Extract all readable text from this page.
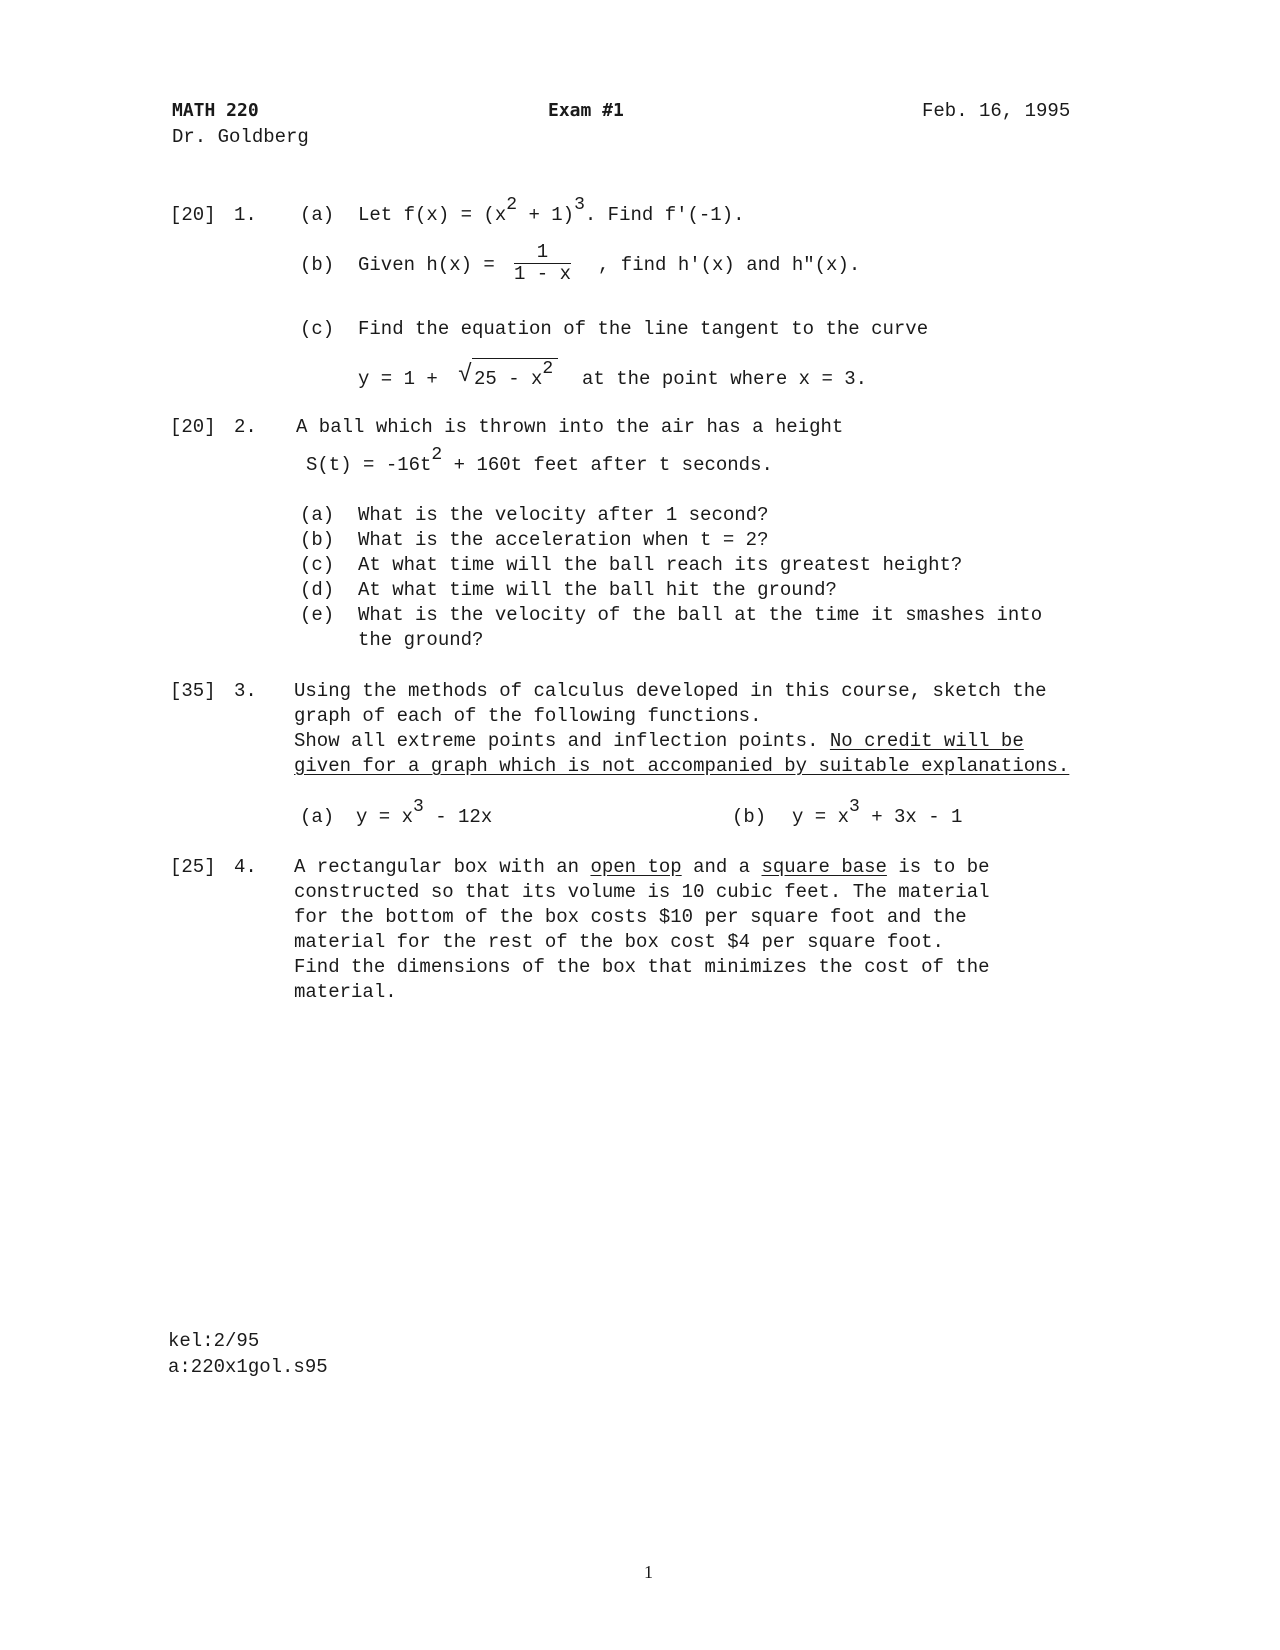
MATH 220
Dr. Goldberg
Exam #1	Feb. 16, 1995
[20] 1. (a) Let $f(x) = (x^2 + 1)^3$. Find f′(-1).
(b) Given $h(x) = \frac{1}{1 - x}$ , find h′(x) and h″(x).
(c) Find the equation of the line tangent to the curve
y = 1 + √ $25 - x^2$ at the point where x = 3.
[20] 2. A ball which is thrown into the air has a height
$S(t) = -16t^2 + 160t$ feet after t seconds.
(a) What is the velocity after 1 second?
(b) What is the acceleration when t = 2?
(c) At what time will the ball reach its greatest height?
(d) At what time will the ball hit the ground?
(e) What is the velocity of the ball at the time it smashes into
the ground?
[35] 3. Using the methods of calculus developed in this course, sketch the
graph of each of the following functions.
Show all extreme points and inflection points. No credit will be
given for a graph which is not accompanied by suitable explanations.
(a) $y = x^3 - 12x$	(b) $y = x^3 + 3x - 1$
[25] 4. A rectangular box with an open top and a square base is to be
constructed so that its volume is 10 cubic feet. The material
for the bottom of the box costs $10 per square foot and the
material for the rest of the box cost $4 per square foot.
Find the dimensions of the box that minimizes the cost of the
material.
kel:2/95
a:220x1gol.s95
1
